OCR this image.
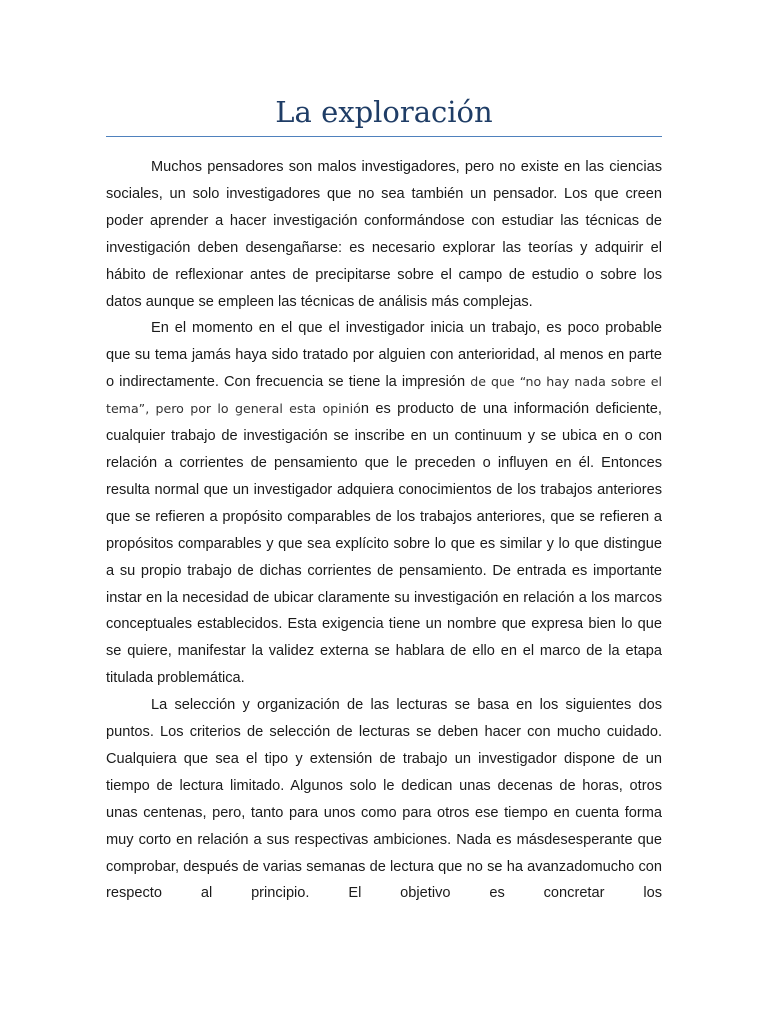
La exploración

Muchos pensadores son malos investigadores, pero no existe en las ciencias sociales, un solo investigadores que no sea también un pensador. Los que creen poder aprender a hacer investigación conformándose con estudiar las técnicas de investigación deben desengañarse: es necesario explorar las teorías y adquirir el hábito de reflexionar antes de precipitarse sobre el campo de estudio o sobre los datos aunque se empleen las técnicas de análisis más complejas.

En el momento en el que el investigador inicia un trabajo, es poco probable que su tema jamás haya sido tratado por alguien con anterioridad, al menos en parte o indirectamente. Con frecuencia se tiene la impresión de que “no hay nada sobre el tema”, pero por lo general esta opinión es producto de una información deficiente, cualquier trabajo de investigación se inscribe en un continuum y se ubica en o con relación a corrientes de pensamiento que le preceden o influyen en él. Entonces resulta normal que un investigador adquiera conocimientos de los trabajos anteriores que se refieren a propósito comparables de los trabajos anteriores, que se refieren a propósitos comparables y que sea explícito sobre lo que es similar y lo que distingue a su propio trabajo de dichas corrientes de pensamiento. De entrada es importante instar en la necesidad de ubicar claramente su investigación en relación a los marcos conceptuales establecidos. Esta exigencia tiene un nombre que expresa bien lo que se quiere, manifestar la validez externa se hablara de ello en el marco de la etapa titulada problemática.

La selección y organización de las lecturas se basa en los siguientes dos puntos. Los criterios de selección de lecturas se deben hacer con mucho cuidado. Cualquiera que sea el tipo y extensión de trabajo un investigador dispone de un tiempo de lectura limitado. Algunos solo le dedican unas decenas de horas, otros unas centenas, pero, tanto para unos como para otros ese tiempo en cuenta forma muy corto en relación a sus respectivas ambiciones. Nada es másdesesperante que comprobar, después de varias semanas de lectura que no se ha avanzadomucho con respecto al principio. El objetivo es concretar los
